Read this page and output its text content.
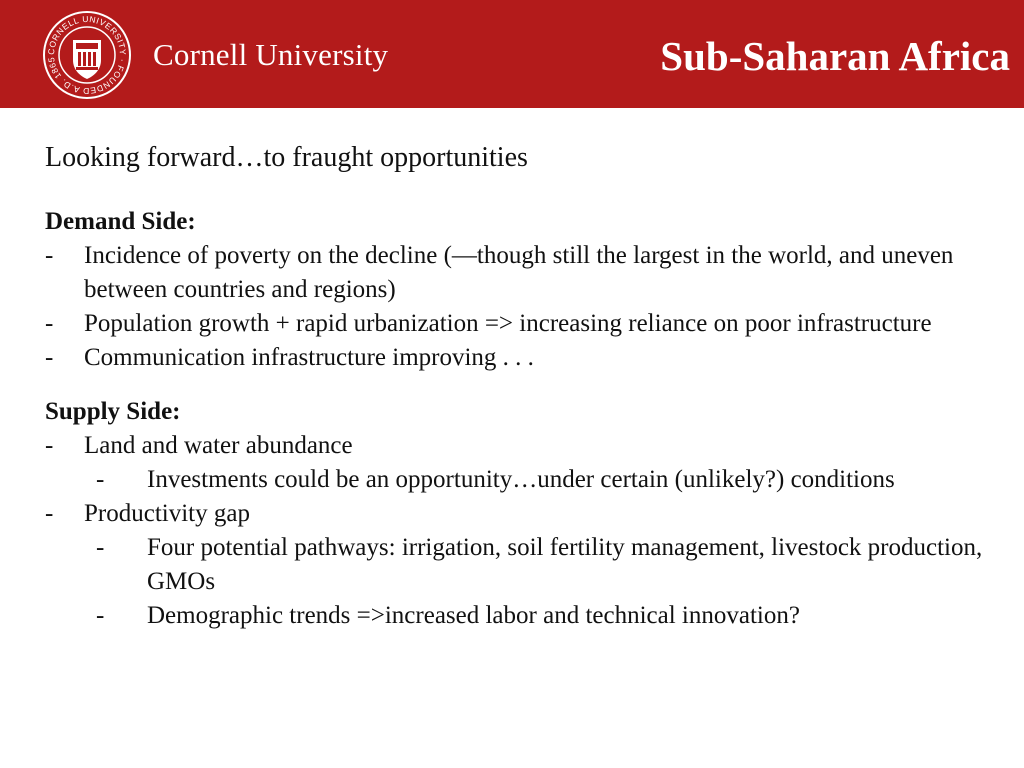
CORNELL UNIVERSITY · FOUNDED A.D. 1865	Cornell University	Sub-Saharan Africa

Looking forward…to fraught opportunities

Demand Side:

- Incidence of poverty on the decline (—though still the largest in the world, and uneven between countries and regions)
- Population growth + rapid urbanization => increasing reliance on poor infrastructure
- Communication infrastructure improving . . .

Supply Side:

- Land and water abundance
- Investments could be an opportunity…under certain (unlikely?) conditions
- Productivity gap
- Four potential pathways: irrigation, soil fertility management, livestock production, GMOs
- Demographic trends =>increased labor and technical innovation?
